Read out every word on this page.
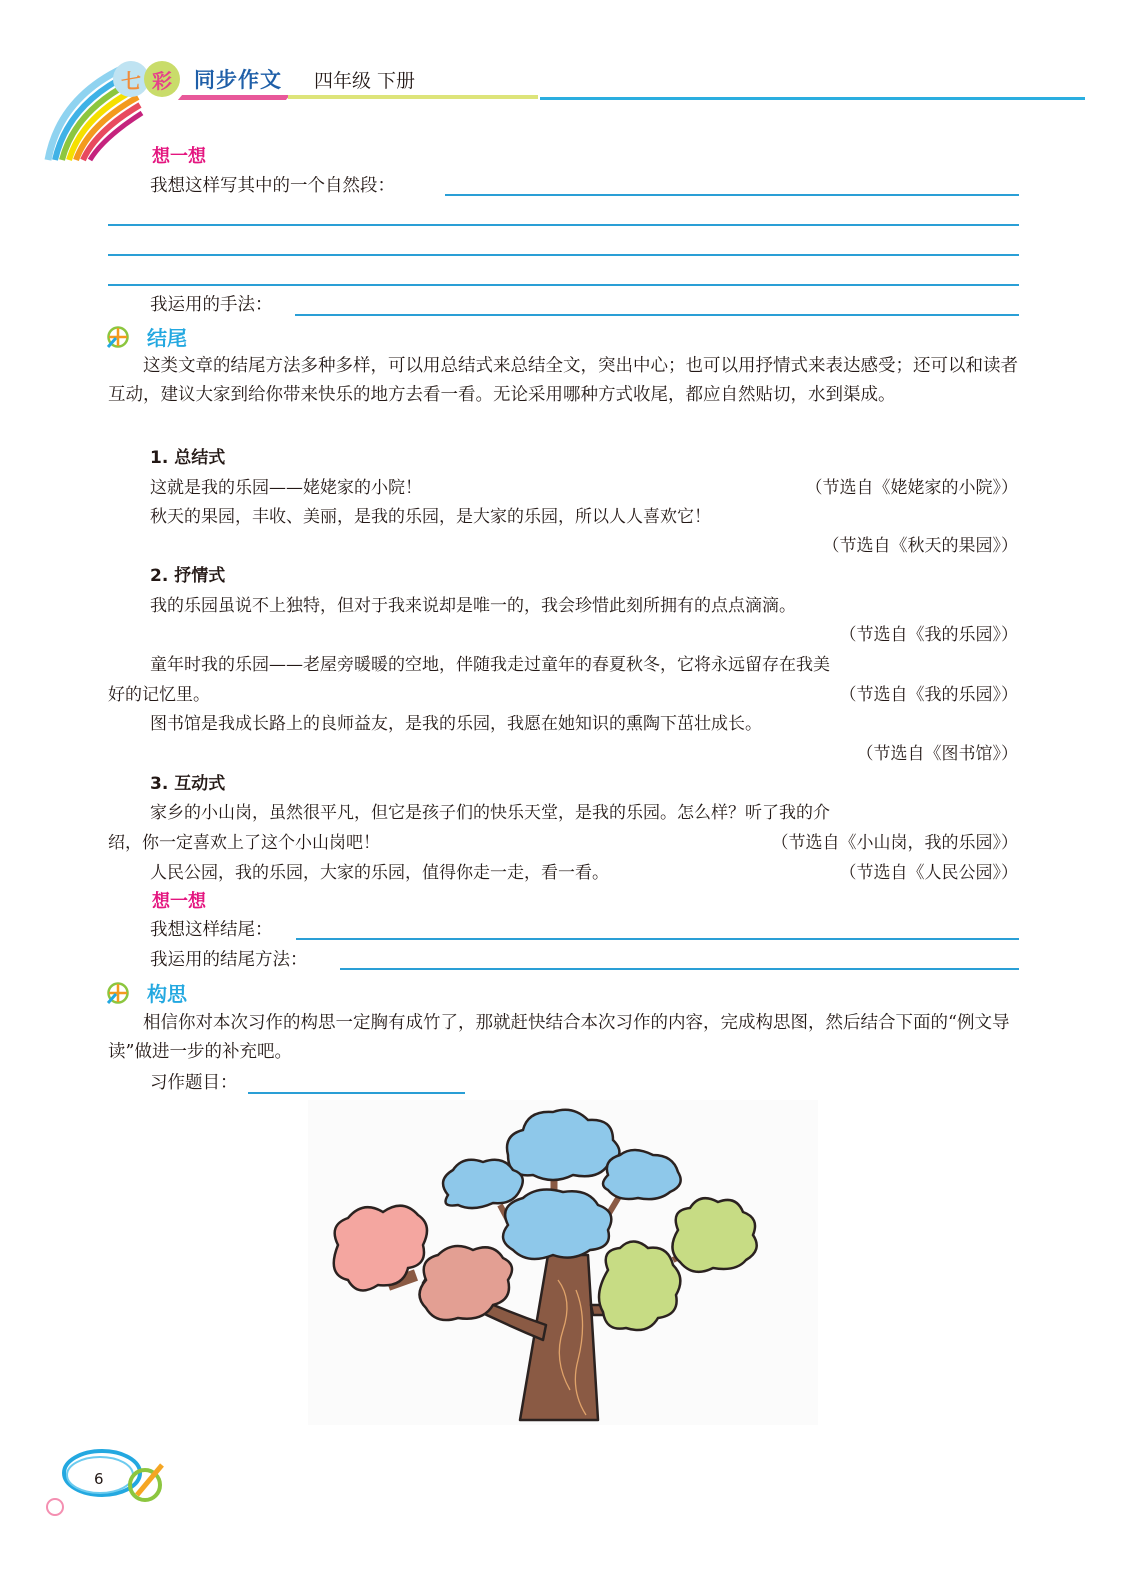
七 彩 同步作文 四年级 下册
想一想
我想这样写其中的一个自然段：
我运用的手法：
结尾
这类文章的结尾方法多种多样，可以用总结式来总结全文，突出中心；也可以用抒情式来表达感受；还可以和读者互动，建议大家到给你带来快乐的地方去看一看。无论采用哪种方式收尾，都应自然贴切，水到渠成。
1. 总结式
这就是我的乐园——姥姥家的小院！	（节选自《姥姥家的小院》）
秋天的果园，丰收、美丽，是我的乐园，是大家的乐园，所以人人喜欢它！
（节选自《秋天的果园》）
2. 抒情式
我的乐园虽说不上独特，但对于我来说却是唯一的，我会珍惜此刻所拥有的点点滴滴。
（节选自《我的乐园》）
童年时我的乐园——老屋旁暖暖的空地，伴随我走过童年的春夏秋冬，它将永远留存在我美
好的记忆里。	（节选自《我的乐园》）
图书馆是我成长路上的良师益友，是我的乐园，我愿在她知识的熏陶下茁壮成长。
（节选自《图书馆》）
3. 互动式
家乡的小山岗，虽然很平凡，但它是孩子们的快乐天堂，是我的乐园。怎么样？听了我的介
绍，你一定喜欢上了这个小山岗吧！	（节选自《小山岗，我的乐园》）
人民公园，我的乐园，大家的乐园，值得你走一走，看一看。	（节选自《人民公园》）
想一想
我想这样结尾：
我运用的结尾方法：
构思
相信你对本次习作的构思一定胸有成竹了，那就赶快结合本次习作的内容，完成构思图，然后结合下面的“例文导读”做进一步的补充吧。
习作题目：
6
